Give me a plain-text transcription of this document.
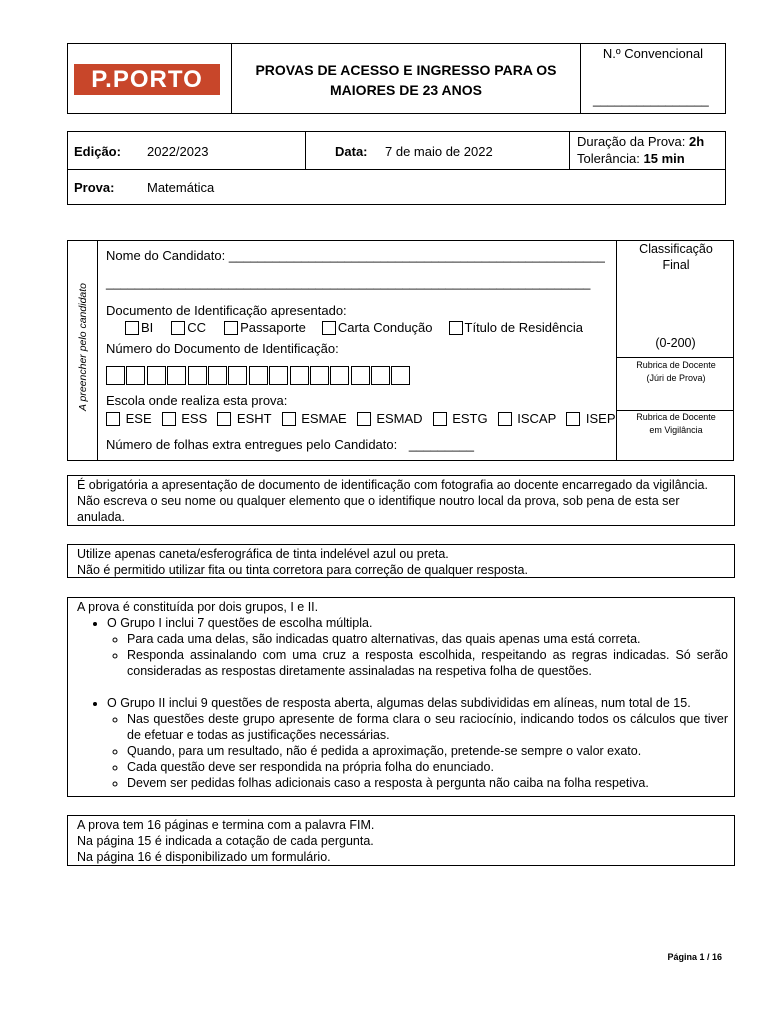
P.PORTO	PROVAS DE ACESSO E INGRESSO PARA OS
MAIORES DE 23 ANOS
N.º Convencional
________________
Edição: 2022/2023	Data: 7 de maio de 2022
Duração da Prova: 2h
Tolerância: 15 min
Prova:	Matemática
A preencher pelo candidato
Classificação Final
(0-200)
Rubrica de Docente (Júri de Prova)
Rubrica de Docente em Vigilância
Nome do Candidato: ____________________________________________________
___________________________________________________________________
Documento de Identificação apresentado:
BI	CC	Passaporte Carta Condução Título de Residência
Número do Documento de Identificação:
Escola onde realiza esta prova:

ESE
ESS
ESHT
ESMAE
ESMAD
ESTG
ISCAP
ISEP
Número de folhas extra entregues pelo Candidato: _________

É obrigatória a apresentação de documento de identificação com fotografia ao docente encarregado da vigilância.

Não escreva o seu nome ou qualquer elemento que o identifique noutro local da prova, sob pena de esta ser anulada.

Utilize apenas caneta/esferográfica de tinta indelével azul ou preta.

Não é permitido utilizar fita ou tinta corretora para correção de qualquer resposta.

A prova é constituída por dois grupos, I e II.

• O Grupo I inclui 7 questões de escolha múltipla.
◦ Para cada uma delas, são indicadas quatro alternativas, das quais apenas uma está correta.
◦ Responda assinalando com uma cruz a resposta escolhida, respeitando as regras indicadas. Só serão consideradas as respostas diretamente assinaladas na respetiva folha de questões.
• O Grupo II inclui 9 questões de resposta aberta, algumas delas subdivididas em alíneas, num total de 15.
◦ Nas questões deste grupo apresente de forma clara o seu raciocínio, indicando todos os cálculos que tiver de efetuar e todas as justificações necessárias.
◦ Quando, para um resultado, não é pedida a aproximação, pretende-se sempre o valor exato.
◦ Cada questão deve ser respondida na própria folha do enunciado.
◦ Devem ser pedidas folhas adicionais caso a resposta à pergunta não caiba na folha respetiva.

A prova tem 16 páginas e termina com a palavra FIM.

Na página 15 é indicada a cotação de cada pergunta.

Na página 16 é disponibilizado um formulário.

Página 1 / 16
